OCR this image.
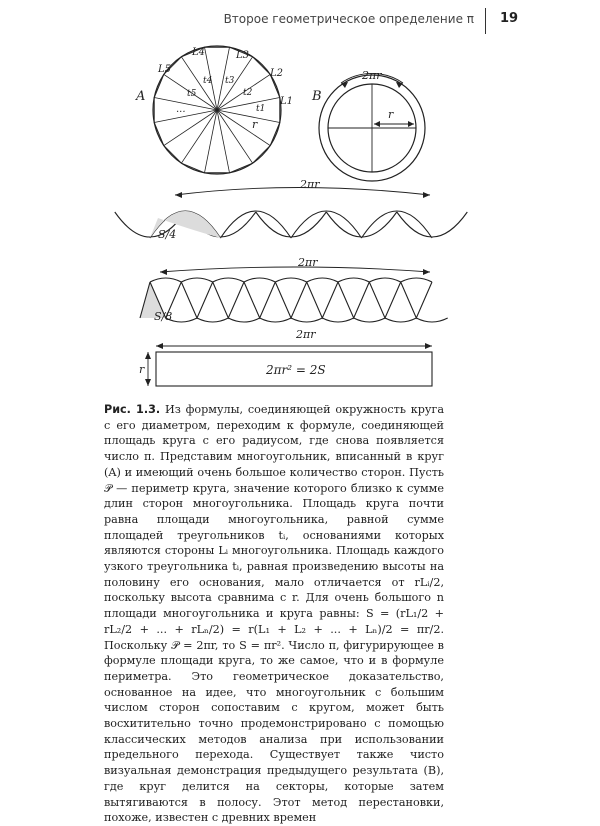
Второе геометрическое определение π 19
A	L1
L2
L3
L4
L5
t1
t2
t3
t4
t5
...
r
B
2πr
r
2πr
S/4
2πr
S/8
2πr
r	2πr² = 2S
Рис. 1.3. Из формулы, соединяющей окружность круга с его диаметром, переходим к формуле, соединяющей площадь круга с его радиусом, где снова появляется число π. Представим многоугольник, вписанный в круг (A) и имеющий очень большое количество сторон. Пусть 𝒫 — периметр круга, значение которого близко к сумме длин сторон многоугольника. Площадь круга почти равна площади многоугольника, равной сумме площадей треугольников tᵢ, основаниями которых являются стороны Lᵢ многоугольника. Площадь каждого узкого треугольника tᵢ, равная произведению высоты на половину его основания, мало отличается от rLᵢ/2, поскольку высота сравнима с r. Для очень большого n площади многоугольника и круга равны: S = (rL₁/2 + rL₂/2 + ... + rLₙ/2) = r(L₁ + L₂ + ... + Lₙ)/2 = πr/2. Поскольку 𝒫 = 2πr, то S = πr². Число π, фигурирующее в формуле площади круга, то же самое, что и в формуле периметра. Это геометрическое доказательство, основанное на идее, что многоугольник с большим числом сторон сопоставим с кругом, может быть восхитительно точно продемонстрировано с помощью классических методов анализа при использовании предельного перехода. Существует также чисто визуальная демонстрация предыдущего результата (B), где круг делится на секторы, которые затем вытягиваются в полосу. Этот метод перестановки, похоже, известен с древних времен
